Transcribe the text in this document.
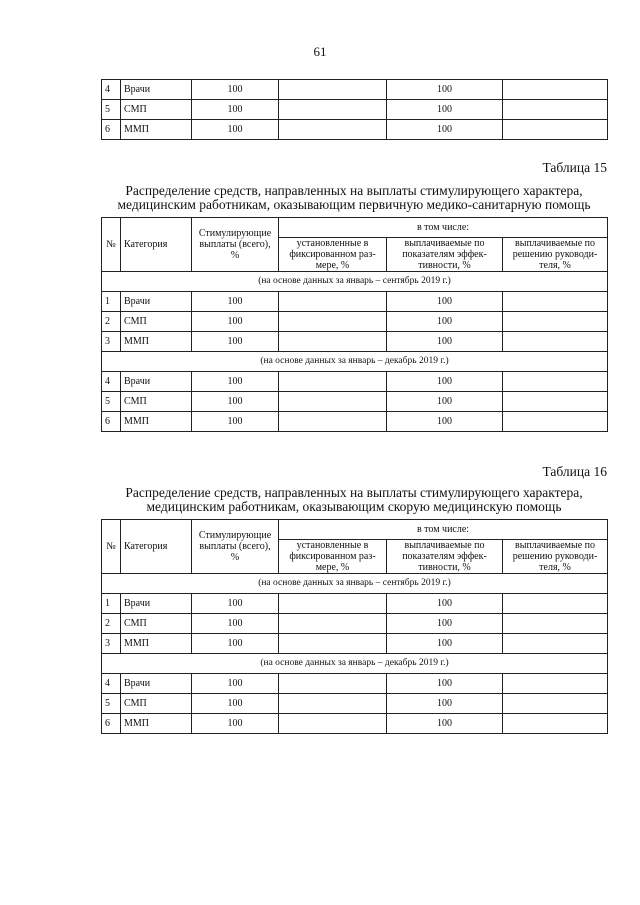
61
4	Врачи	100		100	
5	СМП	100		100	
6	ММП	100		100	
Таблица 15
Распределение средств, направленных на выплаты стимулирующего характера,
медицинским работникам, оказывающим первичную медико-санитарную помощь
№	Категория	Стимулирующие выплаты (всего), %	в том числе:		
			установленные в фиксированном раз-мере, %	выплачиваемые по показателям эффек-тивности, %	выплачиваемые по решению руководи-теля, %
(на основе данных за январь – сентябрь 2019 г.)					
1	Врачи	100		100	
2	СМП	100		100	
3	ММП	100		100	
(на основе данных за январь – декабрь 2019 г.)					
4	Врачи	100		100	
5	СМП	100		100	
6	ММП	100		100	
Таблица 16
Распределение средств, направленных на выплаты стимулирующего характера,
медицинским работникам, оказывающим скорую медицинскую помощь
№	Категория	Стимулирующие выплаты (всего), %	в том числе:		
			установленные в фиксированном раз-мере, %	выплачиваемые по показателям эффек-тивности, %	выплачиваемые по решению руководи-теля, %
(на основе данных за январь – сентябрь 2019 г.)					
1	Врачи	100		100	
2	СМП	100		100	
3	ММП	100		100	
(на основе данных за январь – декабрь 2019 г.)					
4	Врачи	100		100	
5	СМП	100		100	
6	ММП	100		100	
